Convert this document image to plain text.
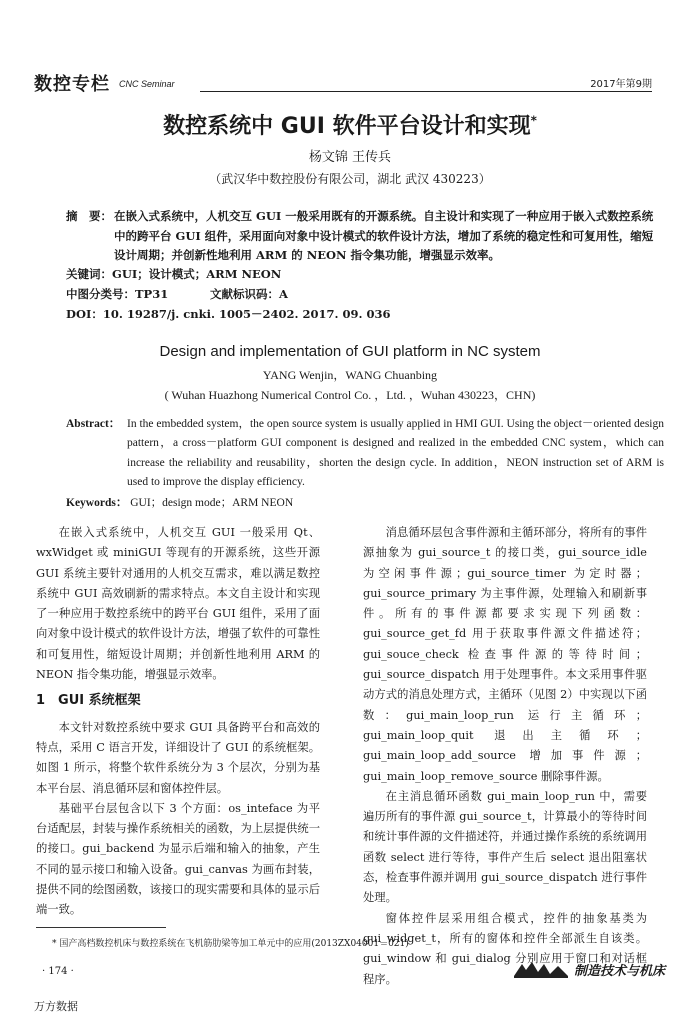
数控专栏 CNC Seminar	2017年第9期
数控系统中 GUI 软件平台设计和实现*
杨文锦 王传兵
（武汉华中数控股份有限公司，湖北 武汉 430223）
摘　要： 在嵌入式系统中，人机交互 GUI 一般采用既有的开源系统。自主设计和实现了一种应用于嵌入式数控系统中的跨平台 GUI 组件，采用面向对象中设计模式的软件设计方法，增加了系统的稳定性和可复用性，缩短设计周期；并创新性地利用 ARM 的 NEON 指令集功能，增强显示效率。
关键词：GUI；设计模式；ARM NEON
中图分类号：TP31	文献标识码：A
DOI：10. 19287/j. cnki. 1005－2402. 2017. 09. 036
Design and implementation of GUI platform in NC system
YANG Wenjin，WANG Chuanbing
( Wuhan Huazhong Numerical Control Co. ，Ltd. ，Wuhan 430223，CHN)
Abstract： In the embedded system，the open source system is usually applied in HMI GUI. Using the object－oriented design pattern，a cross－platform GUI component is designed and realized in the embedded CNC system，which can increase the reliability and reusability，shorten the design cycle. In addition，NEON instruction set of ARM is used to improve the display efficiency.
Keywords： GUI；design mode；ARM NEON

在嵌入式系统中，人机交互 GUI 一般采用 Qt、wxWidget 或 miniGUI 等现有的开源系统，这些开源 GUI 系统主要针对通用的人机交互需求，难以满足数控系统中 GUI 高效刷新的需求特点。本文自主设计和实现了一种应用于数控系统中的跨平台 GUI 组件，采用了面向对象中设计模式的软件设计方法，增强了软件的可靠性和可复用性，缩短设计周期；并创新性地利用 ARM 的 NEON 指令集功能，增强显示效率。

1　GUI 系统框架

本文针对数控系统中要求 GUI 具备跨平台和高效的特点，采用 C 语言开发，详细设计了 GUI 的系统框架。如图 1 所示，将整个软件系统分为 3 个层次，分别为基本平台层、消息循环层和窗体控件层。

基础平台层包含以下 3 个方面：os_inteface 为平台适配层，封装与操作系统相关的函数，为上层提供统一的接口。gui_backend 为显示后端和输入的抽象，产生不同的显示接口和输入设备。gui_canvas 为画布封装，提供不同的绘图函数，该接口的现实需要和具体的显示后端一致。

消息循环层包含事件源和主循环部分，将所有的事件源抽象为 gui_source_t 的接口类，gui_source_idle 为空闲事件源；gui_source_timer 为定时器；gui_source_primary 为主事件源，处理输入和刷新事件。所有的事件源都要求实现下列函数：gui_source_get_fd 用于获取事件源文件描述符；gui_souce_check 检查事件源的等待时间；gui_source_dispatch 用于处理事件。本文采用事件驱动方式的消息处理方式，主循环（见图 2）中实现以下函数：gui_main_loop_run 运行主循环；gui_main_loop_quit 退出主循环；gui_main_loop_add_source 增加事件源；gui_main_loop_remove_source 删除事件源。

在主消息循环函数 gui_main_loop_run 中，需要遍历所有的事件源 gui_source_t，计算最小的等待时间和统计事件源的文件描述符，并通过操作系统的系统调用函数 select 进行等待，事件产生后 select 退出阻塞状态，检查事件源并调用 gui_source_dispatch 进行事件处理。

窗体控件层采用组合模式，控件的抽象基类为 gui_widget_t，所有的窗体和控件全部派生自该类。gui_window 和 gui_dialog 分别应用于窗口和对话框程序。

* 国产高档数控机床与数控系统在飞机筋肋梁等加工单元中的应用(2013ZX04001－021)
· 174 ·	制造技术与机床
万方数据
